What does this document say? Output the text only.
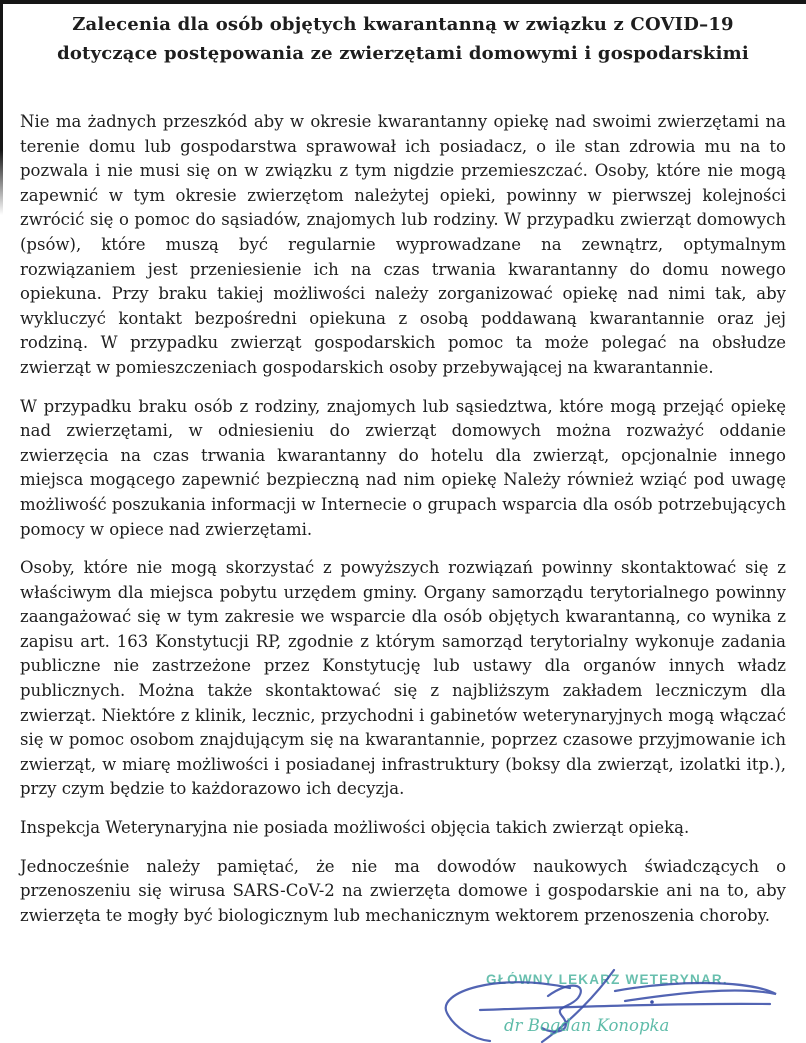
Zalecenia dla osób objętych kwarantanną w związku z COVID–19 dotyczące postępowania ze zwierzętami domowymi i gospodarskimi

Nie ma żadnych przeszkód aby w okresie kwarantanny opiekę nad swoimi zwierzętami na terenie domu lub gospodarstwa sprawował ich posiadacz, o ile stan zdrowia mu na to pozwala i nie musi się on w związku z tym nigdzie przemieszczać. Osoby, które nie mogą zapewnić w tym okresie zwierzętom należytej opieki, powinny w pierwszej kolejności zwrócić się o pomoc do sąsiadów, znajomych lub rodziny. W przypadku zwierząt domowych (psów), które muszą być regularnie wyprowadzane na zewnątrz, optymalnym rozwiązaniem jest przeniesienie ich na czas trwania kwarantanny do domu nowego opiekuna. Przy braku takiej możliwości należy zorganizować opiekę nad nimi tak, aby wykluczyć kontakt bezpośredni opiekuna z osobą poddawaną kwarantannie oraz jej rodziną. W przypadku zwierząt gospodarskich pomoc ta może polegać na obsłudze zwierząt w pomieszczeniach gospodarskich osoby przebywającej na kwarantannie.

W przypadku braku osób z rodziny, znajomych lub sąsiedztwa, które mogą przejąć opiekę nad zwierzętami, w odniesieniu do zwierząt domowych można rozważyć oddanie zwierzęcia na czas trwania kwarantanny do hotelu dla zwierząt, opcjonalnie innego miejsca mogącego zapewnić bezpieczną nad nim opiekę Należy również wziąć pod uwagę możliwość poszukania informacji w Internecie o grupach wsparcia dla osób potrzebujących pomocy w opiece nad zwierzętami.

Osoby, które nie mogą skorzystać z powyższych rozwiązań powinny skontaktować się z właściwym dla miejsca pobytu urzędem gminy. Organy samorządu terytorialnego powinny zaangażować się w tym zakresie we wsparcie dla osób objętych kwarantanną, co wynika z zapisu art. 163 Konstytucji RP, zgodnie z którym samorząd terytorialny wykonuje zadania publiczne nie zastrzeżone przez Konstytucję lub ustawy dla organów innych władz publicznych. Można także skontaktować się z najbliższym zakładem leczniczym dla zwierząt. Niektóre z klinik, lecznic, przychodni i gabinetów weterynaryjnych mogą włączać się w pomoc osobom znajdującym się na kwarantannie, poprzez czasowe przyjmowanie ich zwierząt, w miarę możliwości i posiadanej infrastruktury (boksy dla zwierząt, izolatki itp.), przy czym będzie to każdorazowo ich decyzja.

Inspekcja Weterynaryjna nie posiada możliwości objęcia takich zwierząt opieką.

Jednocześnie należy pamiętać, że nie ma dowodów naukowych świadczących o przenoszeniu się wirusa SARS-CoV-2 na zwierzęta domowe i gospodarskie ani na to, aby zwierzęta te mogły być biologicznym lub mechanicznym wektorem przenoszenia choroby.

GŁÓWNY LEKARZ WETERYNAR.
dr Bogdan Konopka
